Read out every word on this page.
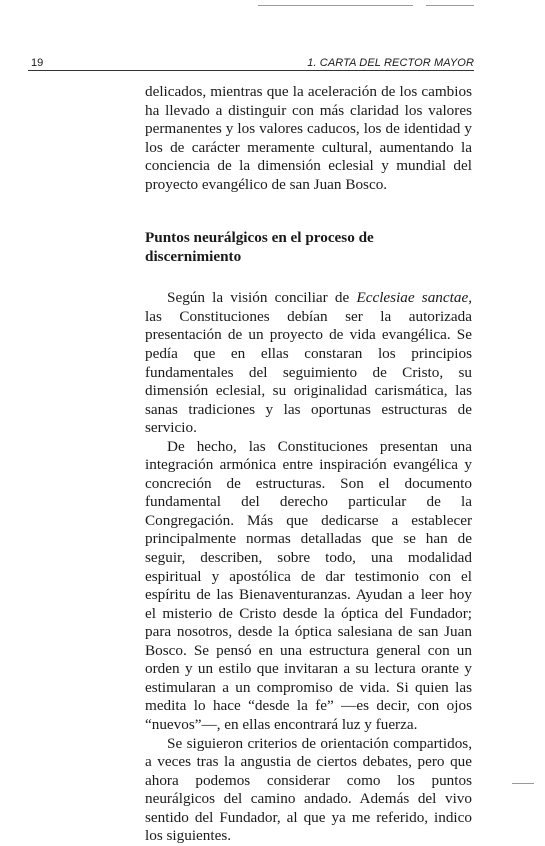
19	1. CARTA DEL RECTOR MAYOR

delicados, mientras que la aceleración de los cambios ha llevado a distinguir con más claridad los valores permanentes y los valores caducos, los de identidad y los de carácter meramente cultural, aumentando la conciencia de la dimensión eclesial y mundial del proyecto evangélico de san Juan Bosco.

Puntos neurálgicos en el proceso de discernimiento

Según la visión conciliar de Ecclesiae sanctae, las Constituciones debían ser la autorizada presentación de un proyecto de vida evangélica. Se pedía que en ellas constaran los principios fundamentales del seguimiento de Cristo, su dimensión eclesial, su originalidad carismática, las sanas tradiciones y las oportunas estructuras de servicio.

De hecho, las Constituciones presentan una integración armónica entre inspiración evangélica y concreción de estructuras. Son el documento fundamental del derecho particular de la Congregación. Más que dedicarse a establecer principalmente normas detalladas que se han de seguir, describen, sobre todo, una modalidad espiritual y apostólica de dar testimonio con el espíritu de las Bienaventuranzas. Ayudan a leer hoy el misterio de Cristo desde la óptica del Fundador; para nosotros, desde la óptica salesiana de san Juan Bosco. Se pensó en una estructura general con un orden y un estilo que invitaran a su lectura orante y estimularan a un compromiso de vida. Si quien las medita lo hace “desde la fe” —es decir, con ojos “nuevos”—, en ellas encontrará luz y fuerza.

Se siguieron criterios de orientación compartidos, a veces tras la angustia de ciertos debates, pero que ahora podemos considerar como los puntos neurálgicos del camino andado. Además del vivo sentido del Fundador, al que ya me referido, indico los siguientes.
